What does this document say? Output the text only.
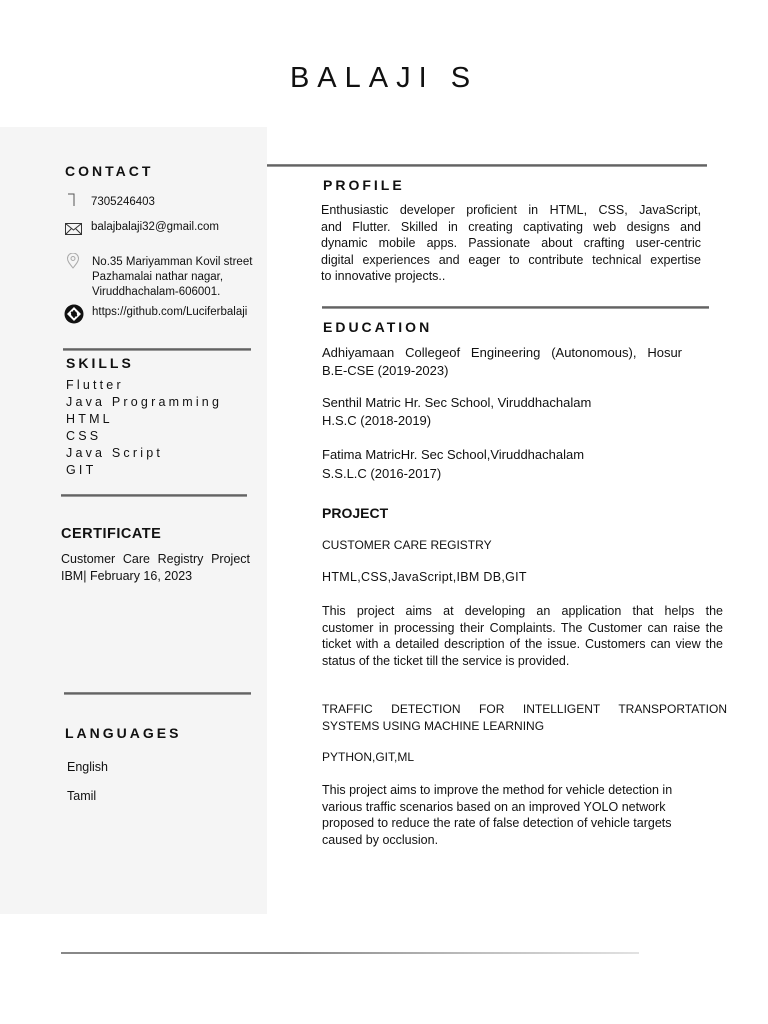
BALAJI S
CONTACT
7305246403
balajbalaji32@gmail.com
No.35 Mariyamman Kovil street
Pazhamalai nathar nagar,
Viruddhachalam-606001.
https://github.com/Luciferbalaji
SKILLS
Flutter
Java Programming
HTML
CSS
Java Script
GIT
CERTIFICATE
Customer Care Registry Project
IBM| February 16, 2023
LANGUAGES
English
Tamil
PROFILE
Enthusiastic developer proficient in HTML, CSS, JavaScript,
and Flutter. Skilled in creating captivating web designs and
dynamic mobile apps. Passionate about crafting user-centric
digital experiences and eager to contribute technical expertise
to innovative projects..
EDUCATION
Adhiyamaan Collegeof Engineering (Autonomous), Hosur
B.E-CSE (2019-2023)
Senthil Matric Hr. Sec School, Viruddhachalam
H.S.C (2018-2019)
Fatima MatricHr. Sec School,Viruddhachalam
S.S.L.C (2016-2017)
PROJECT
CUSTOMER CARE REGISTRY
HTML,CSS,JavaScript,IBM DB,GIT
This project aims at developing an application that helps the
customer in processing their Complaints. The Customer can raise the
ticket with a detailed description of the issue. Customers can view the
status of the ticket till the service is provided.
TRAFFIC DETECTION FOR INTELLIGENT TRANSPORTATION
SYSTEMS USING MACHINE LEARNING
PYTHON,GIT,ML
This project aims to improve the method for vehicle detection in
various traffic scenarios based on an improved YOLO network
proposed to reduce the rate of false detection of vehicle targets
caused by occlusion.
